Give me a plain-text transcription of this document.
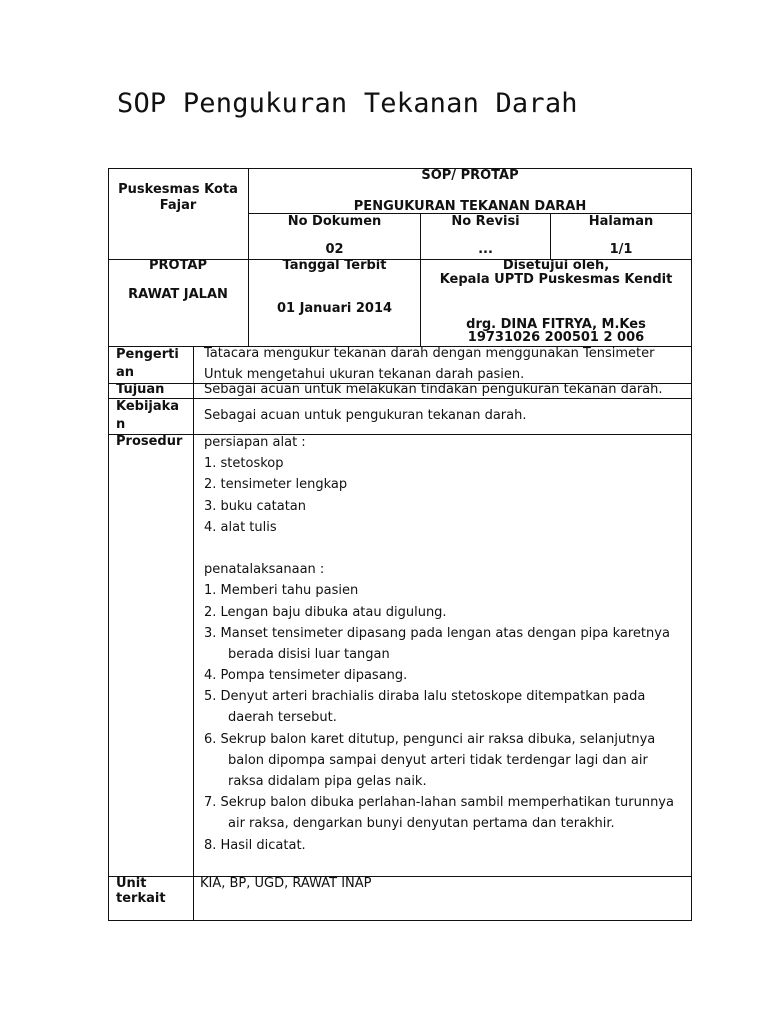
SOP Pengukuran Tekanan Darah
Puskesmas Kota
Fajar
SOP/ PROTAP
PENGUKURAN TEKANAN DARAH
No Dokumen
02
No Revisi
...
Halaman
1/1
PROTAP
RAWAT JALAN
Tanggal Terbit
01 Januari 2014
Disetujui oleh,
Kepala UPTD Puskesmas Kendit
drg. DINA FITRYA, M.Kes
19731026 200501 2 006
Pengerti
an
Tatacara mengukur tekanan darah dengan menggunakan Tensimeter
Untuk mengetahui ukuran tekanan darah pasien.
Tujuan	Sebagai acuan untuk melakukan tindakan pengukuran tekanan darah.
Kebijaka
n
Sebagai acuan untuk pengukuran tekanan darah.
Prosedur persiapan alat :
1. stetoskop
2. tensimeter lengkap
3. buku catatan
4. alat tulis
penatalaksanaan :
1. Memberi tahu pasien
2. Lengan baju dibuka atau digulung.
3. Manset tensimeter dipasang pada lengan atas dengan pipa karetnya
berada disisi luar tangan
4. Pompa tensimeter dipasang.
5. Denyut arteri brachialis diraba lalu stetoskope ditempatkan pada
daerah tersebut.
6. Sekrup balon karet ditutup, pengunci air raksa dibuka, selanjutnya
balon dipompa sampai denyut arteri tidak terdengar lagi dan air
raksa didalam pipa gelas naik.
7. Sekrup balon dibuka perlahan-lahan sambil memperhatikan turunnya
air raksa, dengarkan bunyi denyutan pertama dan terakhir.
8. Hasil dicatat.
Unit
terkait
KIA, BP, UGD, RAWAT INAP
